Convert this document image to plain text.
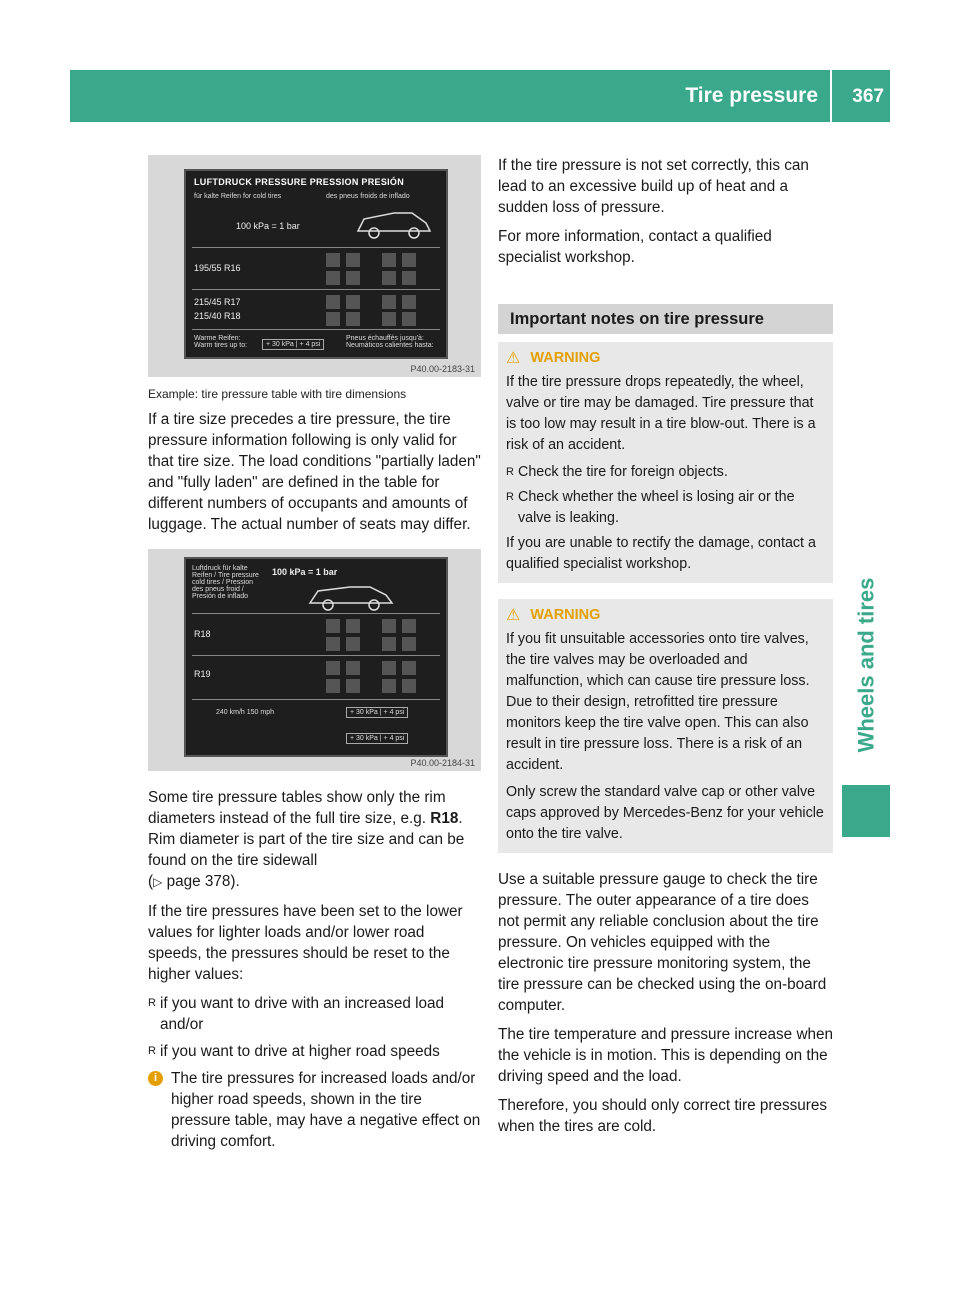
Tire pressure 367
Wheels and tires
LUFTDRUCK PRESSURE PRESSION PRESIÓN
für kalte Reifen for cold tires	des pneus froids de inflado
100 kPa = 1 bar
195/55 R16
215/45 R17
215/40 R18
Warme Reifen: Warm tires up to:	+ 30 kPa | + 4 psi
Pneus échauffés jusqu'à: Neumáticos calientes hasta:
P40.00-2183-31
Example: tire pressure table with tire dimensions

If a tire size precedes a tire pressure, the tire pressure information following is only valid for that tire size. The load conditions "partially laden" and "fully laden" are defined in the table for different numbers of occupants and amounts of luggage. The actual number of seats may differ.

Luftdruck für kalte Reifen / Tire pressure cold tires / Pression des pneus froid / Presión de inflado
100 kPa = 1 bar
R18
R19
240 km/h 150 mph	+ 30 kPa | + 4 psi
+ 30 kPa | + 4 psi
P40.00-2184-31

Some tire pressure tables show only the rim diameters instead of the full tire size, e.g. R18. Rim diameter is part of the tire size and can be found on the tire sidewall
(▷ page 378).

If the tire pressures have been set to the lower values for lighter loads and/or lower road speeds, the pressures should be reset to the higher values:

R if you want to drive with an increased load and/or
R if you want to drive at higher road speeds
i The tire pressures for increased loads and/or higher road speeds, shown in the tire pressure table, may have a negative effect on driving comfort.

If the tire pressure is not set correctly, this can lead to an excessive build up of heat and a sudden loss of pressure.

For more information, contact a qualified specialist workshop.

Important notes on tire pressure
⚠ WARNING

If the tire pressure drops repeatedly, the wheel, valve or tire may be damaged. Tire pressure that is too low may result in a tire blow-out. There is a risk of an accident.

R Check the tire for foreign objects.
R Check whether the wheel is losing air or the valve is leaking.

If you are unable to rectify the damage, contact a qualified specialist workshop.

⚠ WARNING

If you fit unsuitable accessories onto tire valves, the tire valves may be overloaded and malfunction, which can cause tire pressure loss. Due to their design, retrofitted tire pressure monitors keep the tire valve open. This can also result in tire pressure loss. There is a risk of an accident.

Only screw the standard valve cap or other valve caps approved by Mercedes-Benz for your vehicle onto the tire valve.

Use a suitable pressure gauge to check the tire pressure. The outer appearance of a tire does not permit any reliable conclusion about the tire pressure. On vehicles equipped with the electronic tire pressure monitoring system, the tire pressure can be checked using the on-board computer.

The tire temperature and pressure increase when the vehicle is in motion. This is depending on the driving speed and the load.

Therefore, you should only correct tire pressures when the tires are cold.
